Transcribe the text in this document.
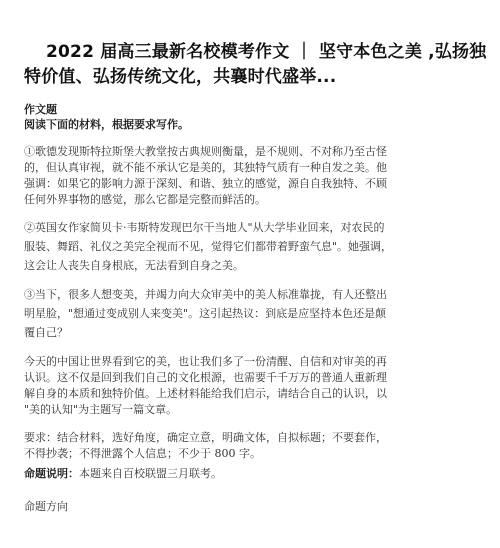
2022 届高三最新名校模考作文 ｜ 坚守本色之美 ,弘扬独
特价值、弘扬传统文化，共襄时代盛举...
作文题
阅读下面的材料，根据要求写作。

①歌德发现斯特拉斯堡大教堂按古典规则衡量，是不规则、不对称乃至古怪
的，但认真审视，就不能不承认它是美的，其独特气质有一种自发之美。他
强调：如果它的影响力源于深刻、和谐、独立的感觉，源自自我独特、不顾
任何外界事物的感觉，那么它都是完整而鲜活的。

②英国女作家简贝卡·韦斯特发现巴尔干当地人"从大学毕业回来，对农民的
服装、舞蹈、礼仪之美完全视而不见，觉得它们都带着野蛮气息"。她强调，
这会让人丧失自身根底，无法看到自身之美。

③当下，很多人想变美，并竭力向大众审美中的美人标准靠拢，有人还整出
明星脸，"想通过变成别人来变美"。这引起热议：到底是应坚持本色还是颠
覆自己？

今天的中国让世界看到它的美，也让我们多了一份清醒、自信和对审美的再
认识。这不仅是回到我们自己的文化根源，也需要千千万万的普通人重新理
解自身的本质和独特价值。上述材料能给我们启示，请结合自己的认识，以
"美的认知"为主题写一篇文章。

要求：结合材料，选好角度，确定立意，明确文体，自拟标题；不要套作，
不得抄袭；不得泄露个人信息；不少于 800 字。

命题说明：本题来自百校联盟三月联考。
命题方向
